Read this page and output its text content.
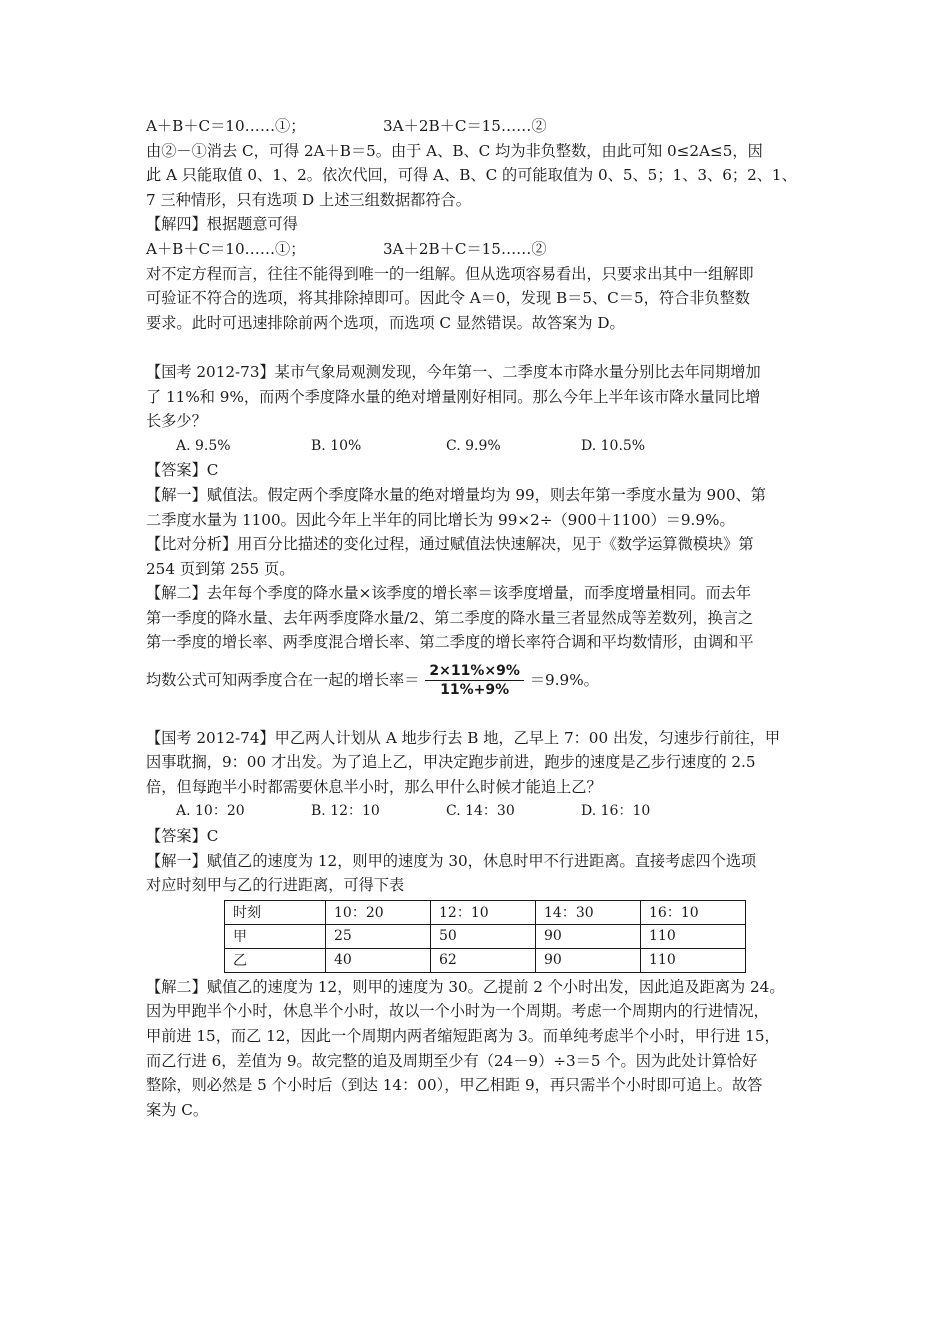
A＋B＋C＝10……①；	3A＋2B＋C＝15……②
由②－①消去 C，可得 2A＋B＝5。由于 A、B、C 均为非负整数，由此可知 0≤2A≤5，因
此 A 只能取值 0、1、2。依次代回，可得 A、B、C 的可能取值为 0、5、5；1、3、6；2、1、
7 三种情形，只有选项 D 上述三组数据都符合。
【解四】根据题意可得
A＋B＋C＝10……①；	3A＋2B＋C＝15……②
对不定方程而言，往往不能得到唯一的一组解。但从选项容易看出，只要求出其中一组解即
可验证不符合的选项，将其排除掉即可。因此令 A＝0，发现 B＝5、C＝5，符合非负整数
要求。此时可迅速排除前两个选项，而选项 C 显然错误。故答案为 D。
【国考 2012-73】某市气象局观测发现，今年第一、二季度本市降水量分别比去年同期增加
了 11%和 9%，而两个季度降水量的绝对增量刚好相同。那么今年上半年该市降水量同比增
长多少？
A. 9.5%	B. 10%	C. 9.9%	D. 10.5%
【答案】C
【解一】赋值法。假定两个季度降水量的绝对增量均为 99，则去年第一季度水量为 900、第
二季度水量为 1100。因此今年上半年的同比增长为 99×2÷（900＋1100）＝9.9%。
【比对分析】用百分比描述的变化过程，通过赋值法快速解决，见于《数学运算微模块》第
254 页到第 255 页。
【解二】去年每个季度的降水量×该季度的增长率＝该季度增量，而季度增量相同。而去年
第一季度的降水量、去年两季度降水量/2、第二季度的降水量三者显然成等差数列，换言之
第一季度的增长率、两季度混合增长率、第二季度的增长率符合调和平均数情形，由调和平
均数公式可知两季度合在一起的增长率＝ $\frac{2\times 11\%\times 9\%}{11\%+9\%} =9.9\%$。
【国考 2012-74】甲乙两人计划从 A 地步行去 B 地，乙早上 7：00 出发，匀速步行前往，甲
因事耽搁，9：00 才出发。为了追上乙，甲决定跑步前进，跑步的速度是乙步行速度的 2.5
倍，但每跑半小时都需要休息半小时，那么甲什么时候才能追上乙？
A. 10：20	B. 12：10	C. 14：30	D. 16：10
【答案】C
【解一】赋值乙的速度为 12，则甲的速度为 30，休息时甲不行进距离。直接考虑四个选项
对应时刻甲与乙的行进距离，可得下表
时刻	10：20	12：10	14：30	16：10
甲	25	50	90	110
乙	40	62	90	110
【解二】赋值乙的速度为 12，则甲的速度为 30。乙提前 2 个小时出发，因此追及距离为 24。
因为甲跑半个小时，休息半个小时，故以一个小时为一个周期。考虑一个周期内的行进情况，
甲前进 15，而乙 12，因此一个周期内两者缩短距离为 3。而单纯考虑半个小时，甲行进 15，
而乙行进 6，差值为 9。故完整的追及周期至少有（24－9）÷3＝5 个。因为此处计算恰好
整除，则必然是 5 个小时后（到达 14：00），甲乙相距 9，再只需半个小时即可追上。故答
案为 C。
